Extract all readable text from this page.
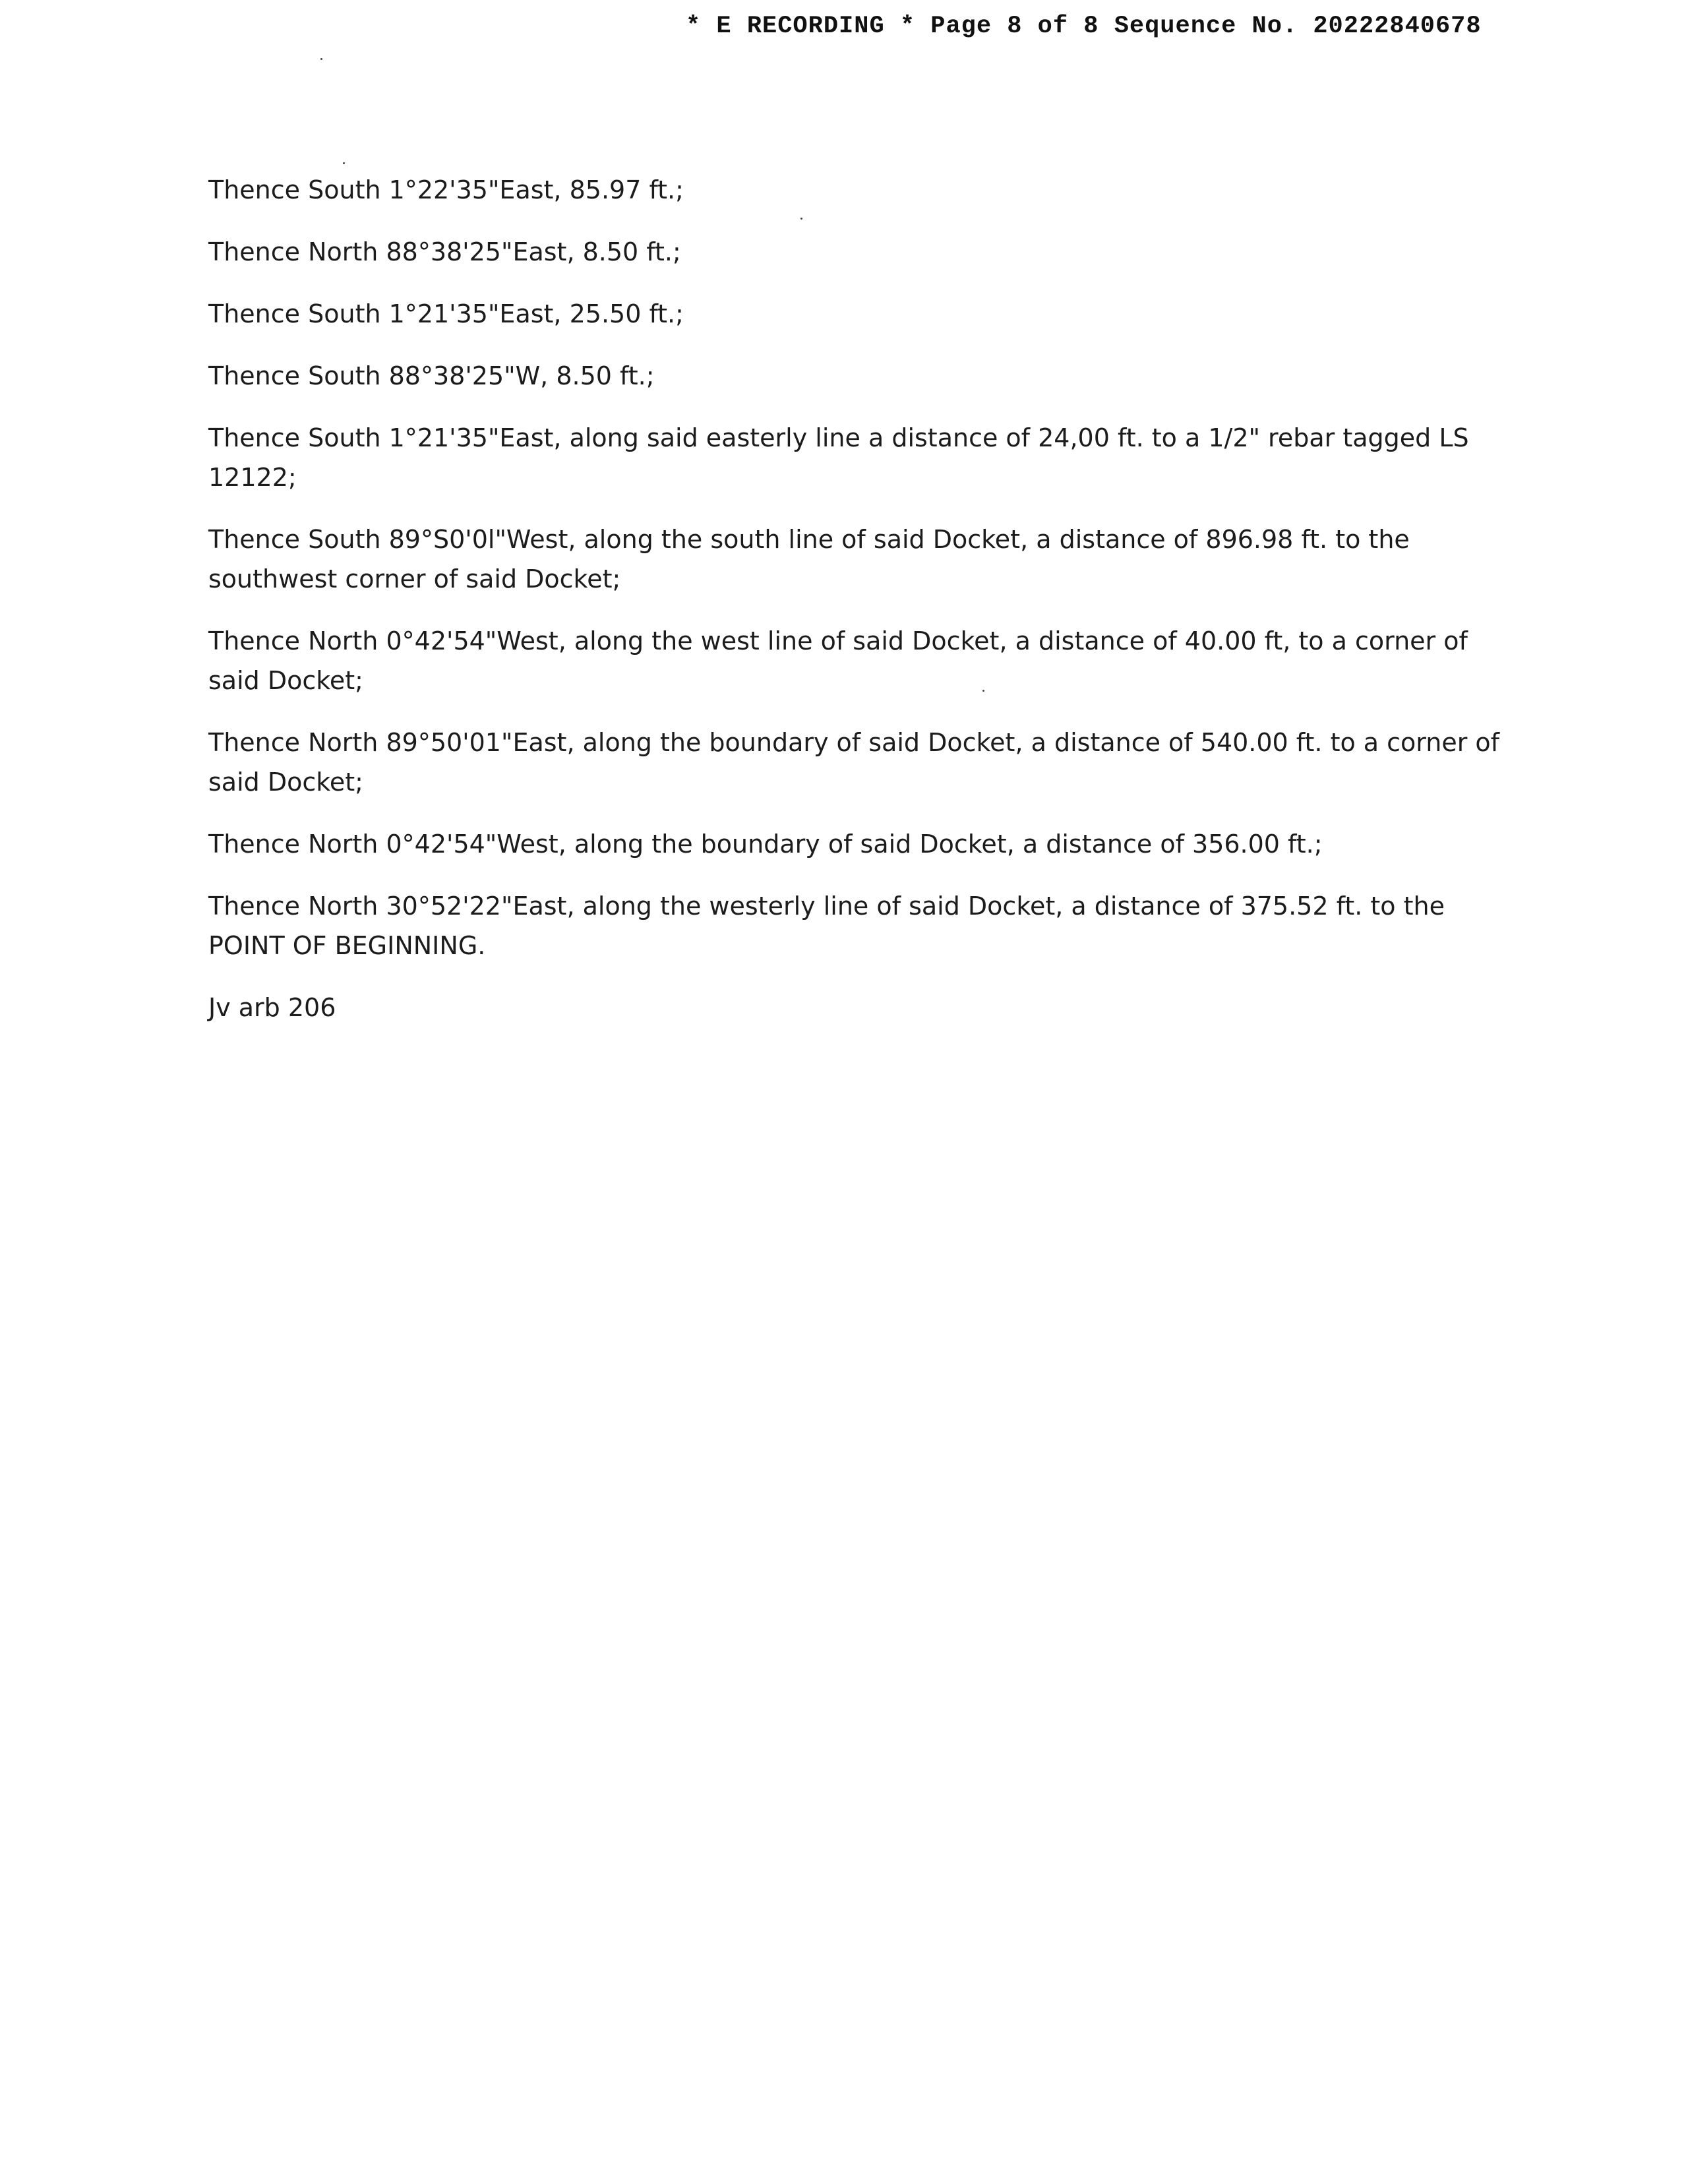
* E RECORDING * Page 8 of 8 Sequence No. 20222840678

Thence South 1°22'35"East, 85.97 ft.;

Thence North 88°38'25"East, 8.50 ft.;

Thence South 1°21'35"East, 25.50 ft.;

Thence South 88°38'25"W, 8.50 ft.;

Thence South 1°21'35"East, along said easterly line a distance of 24,00 ft. to a 1/2" rebar tagged LS 12122;

Thence South 89°S0'0l"West, along the south line of said Docket, a distance of 896.98 ft. to the southwest corner of said Docket;

Thence North 0°42'54"West, along the west line of said Docket, a distance of 40.00 ft, to a corner of said Docket;

Thence North 89°50'01"East, along the boundary of said Docket, a distance of 540.00 ft. to a corner of said Docket;

Thence North 0°42'54"West, along the boundary of said Docket, a distance of 356.00 ft.;

Thence North 30°52'22"East, along the westerly line of said Docket, a distance of 375.52 ft. to the POINT OF BEGINNING.

Jv arb 206
